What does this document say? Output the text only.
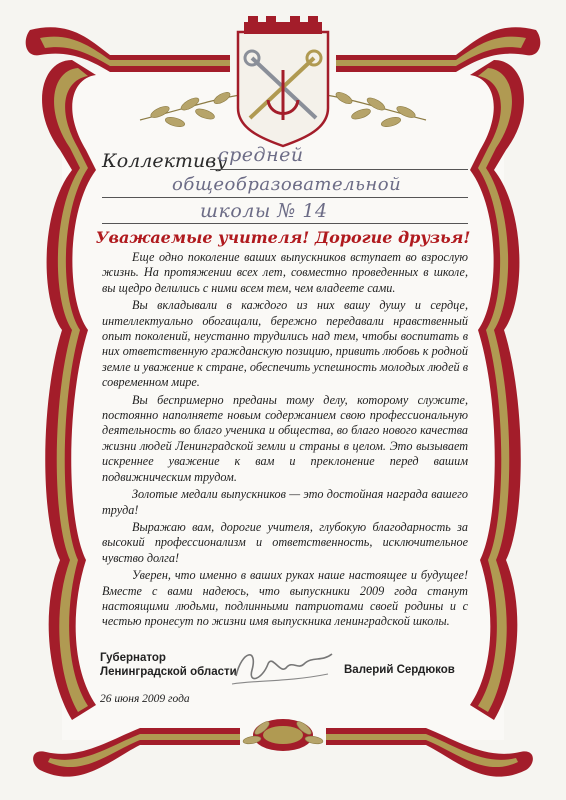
Коллективу
средней
общеобразовательной
школы № 14
Уважаемые учителя! Дорогие друзья!

Еще одно поколение ваших выпускников вступает во взрослую жизнь. На протяжении всех лет, совместно проведенных в школе, вы щедро делились с ними всем тем, чем владеете сами.

Вы вкладывали в каждого из них вашу душу и сердце, интеллектуально обогащали, бережно передавали нравственный опыт поколений, неустанно трудились над тем, чтобы воспитать в них ответственную гражданскую позицию, привить любовь к родной земле и уважение к стране, обеспечить успешность молодых людей в современном мире.

Вы беспримерно преданы тому делу, которому служите, постоянно наполняете новым содержанием свою профессиональную деятельность во благо ученика и общества, во благо нового качества жизни людей Ленинградской земли и страны в целом. Это вызывает искреннее уважение к вам и преклонение перед вашим подвижническим трудом.

Золотые медали выпускников — это достойная награда вашего труда!

Выражаю вам, дорогие учителя, глубокую благодарность за высокий профессионализм и ответственность, исключительное чувство долга!

Уверен, что именно в ваших руках наше настоящее и будущее! Вместе с вами надеюсь, что выпускники 2009 года станут настоящими людьми, подлинными патриотами своей родины и с честью пронесут по жизни имя выпускника ленинградской школы.

Губернатор
Ленинградской области	Валерий Сердюков
26 июня 2009 года
